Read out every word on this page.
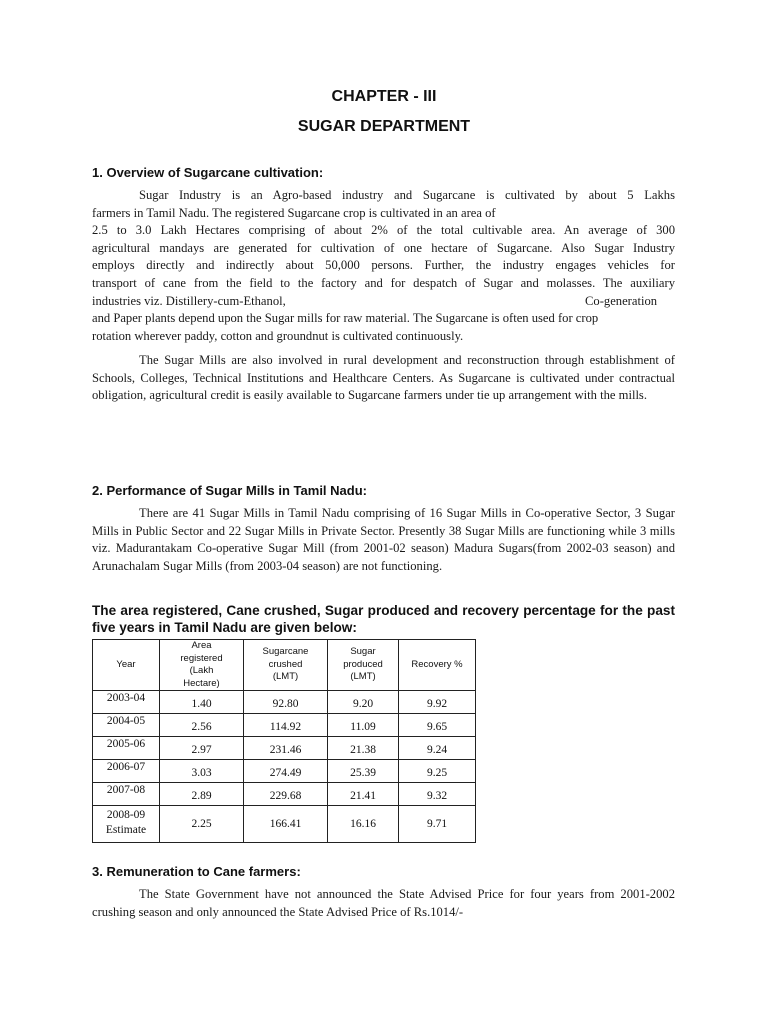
CHAPTER - III
SUGAR DEPARTMENT
1. Overview of Sugarcane cultivation:
Sugar Industry is an Agro-based industry and Sugarcane is cultivated by about 5 Lakhs
farmers in Tamil Nadu. The registered Sugarcane crop is cultivated in an area of
2.5 to 3.0 Lakh Hectares comprising of about 2% of the total cultivable area. An average of 300
agricultural mandays are generated for cultivation of one hectare of Sugarcane. Also Sugar Industry
employs directly and indirectly about 50,000 persons. Further, the industry engages vehicles for
transport of cane from the field to the factory and for despatch of Sugar and molasses. The auxiliary
industries viz. Distillery-cum-Ethanol,	Co-generation
and Paper plants depend upon the Sugar mills for raw material. The Sugarcane is often used for crop
rotation wherever paddy, cotton and groundnut is cultivated continuously.

The Sugar Mills are also involved in rural development and reconstruction through establishment of Schools, Colleges, Technical Institutions and Healthcare Centers. As Sugarcane is cultivated under contractual obligation, agricultural credit is easily available to Sugarcane farmers under tie up arrangement with the mills.

2. Performance of Sugar Mills in Tamil Nadu:

There are 41 Sugar Mills in Tamil Nadu comprising of 16 Sugar Mills in Co-operative Sector, 3 Sugar Mills in Public Sector and 22 Sugar Mills in Private Sector. Presently 38 Sugar Mills are functioning while 3 mills viz. Madurantakam Co-operative Sugar Mill (from 2001-02 season) Madura Sugars(from 2002-03 season) and Arunachalam Sugar Mills (from 2003-04 season) are not functioning.

The area registered, Cane crushed, Sugar produced and recovery percentage for the past five years in Tamil Nadu are given below:

Year	Area registered (Lakh Hectare)	Sugarcane crushed (LMT)	Sugar produced (LMT)	Recovery %
2003-04	1.40	92.80	9.20	9.92
2004-05	2.56	114.92	11.09	9.65
2005-06	2.97	231.46	21.38	9.24
2006-07	3.03	274.49	25.39	9.25
2007-08	2.89	229.68	21.41	9.32
2008-09
Estimate	2.25	166.41	16.16	9.71
3. Remuneration to Cane farmers:

The State Government have not announced the State Advised Price for four years from 2001-2002 crushing season and only announced the State Advised Price of Rs.1014/-
